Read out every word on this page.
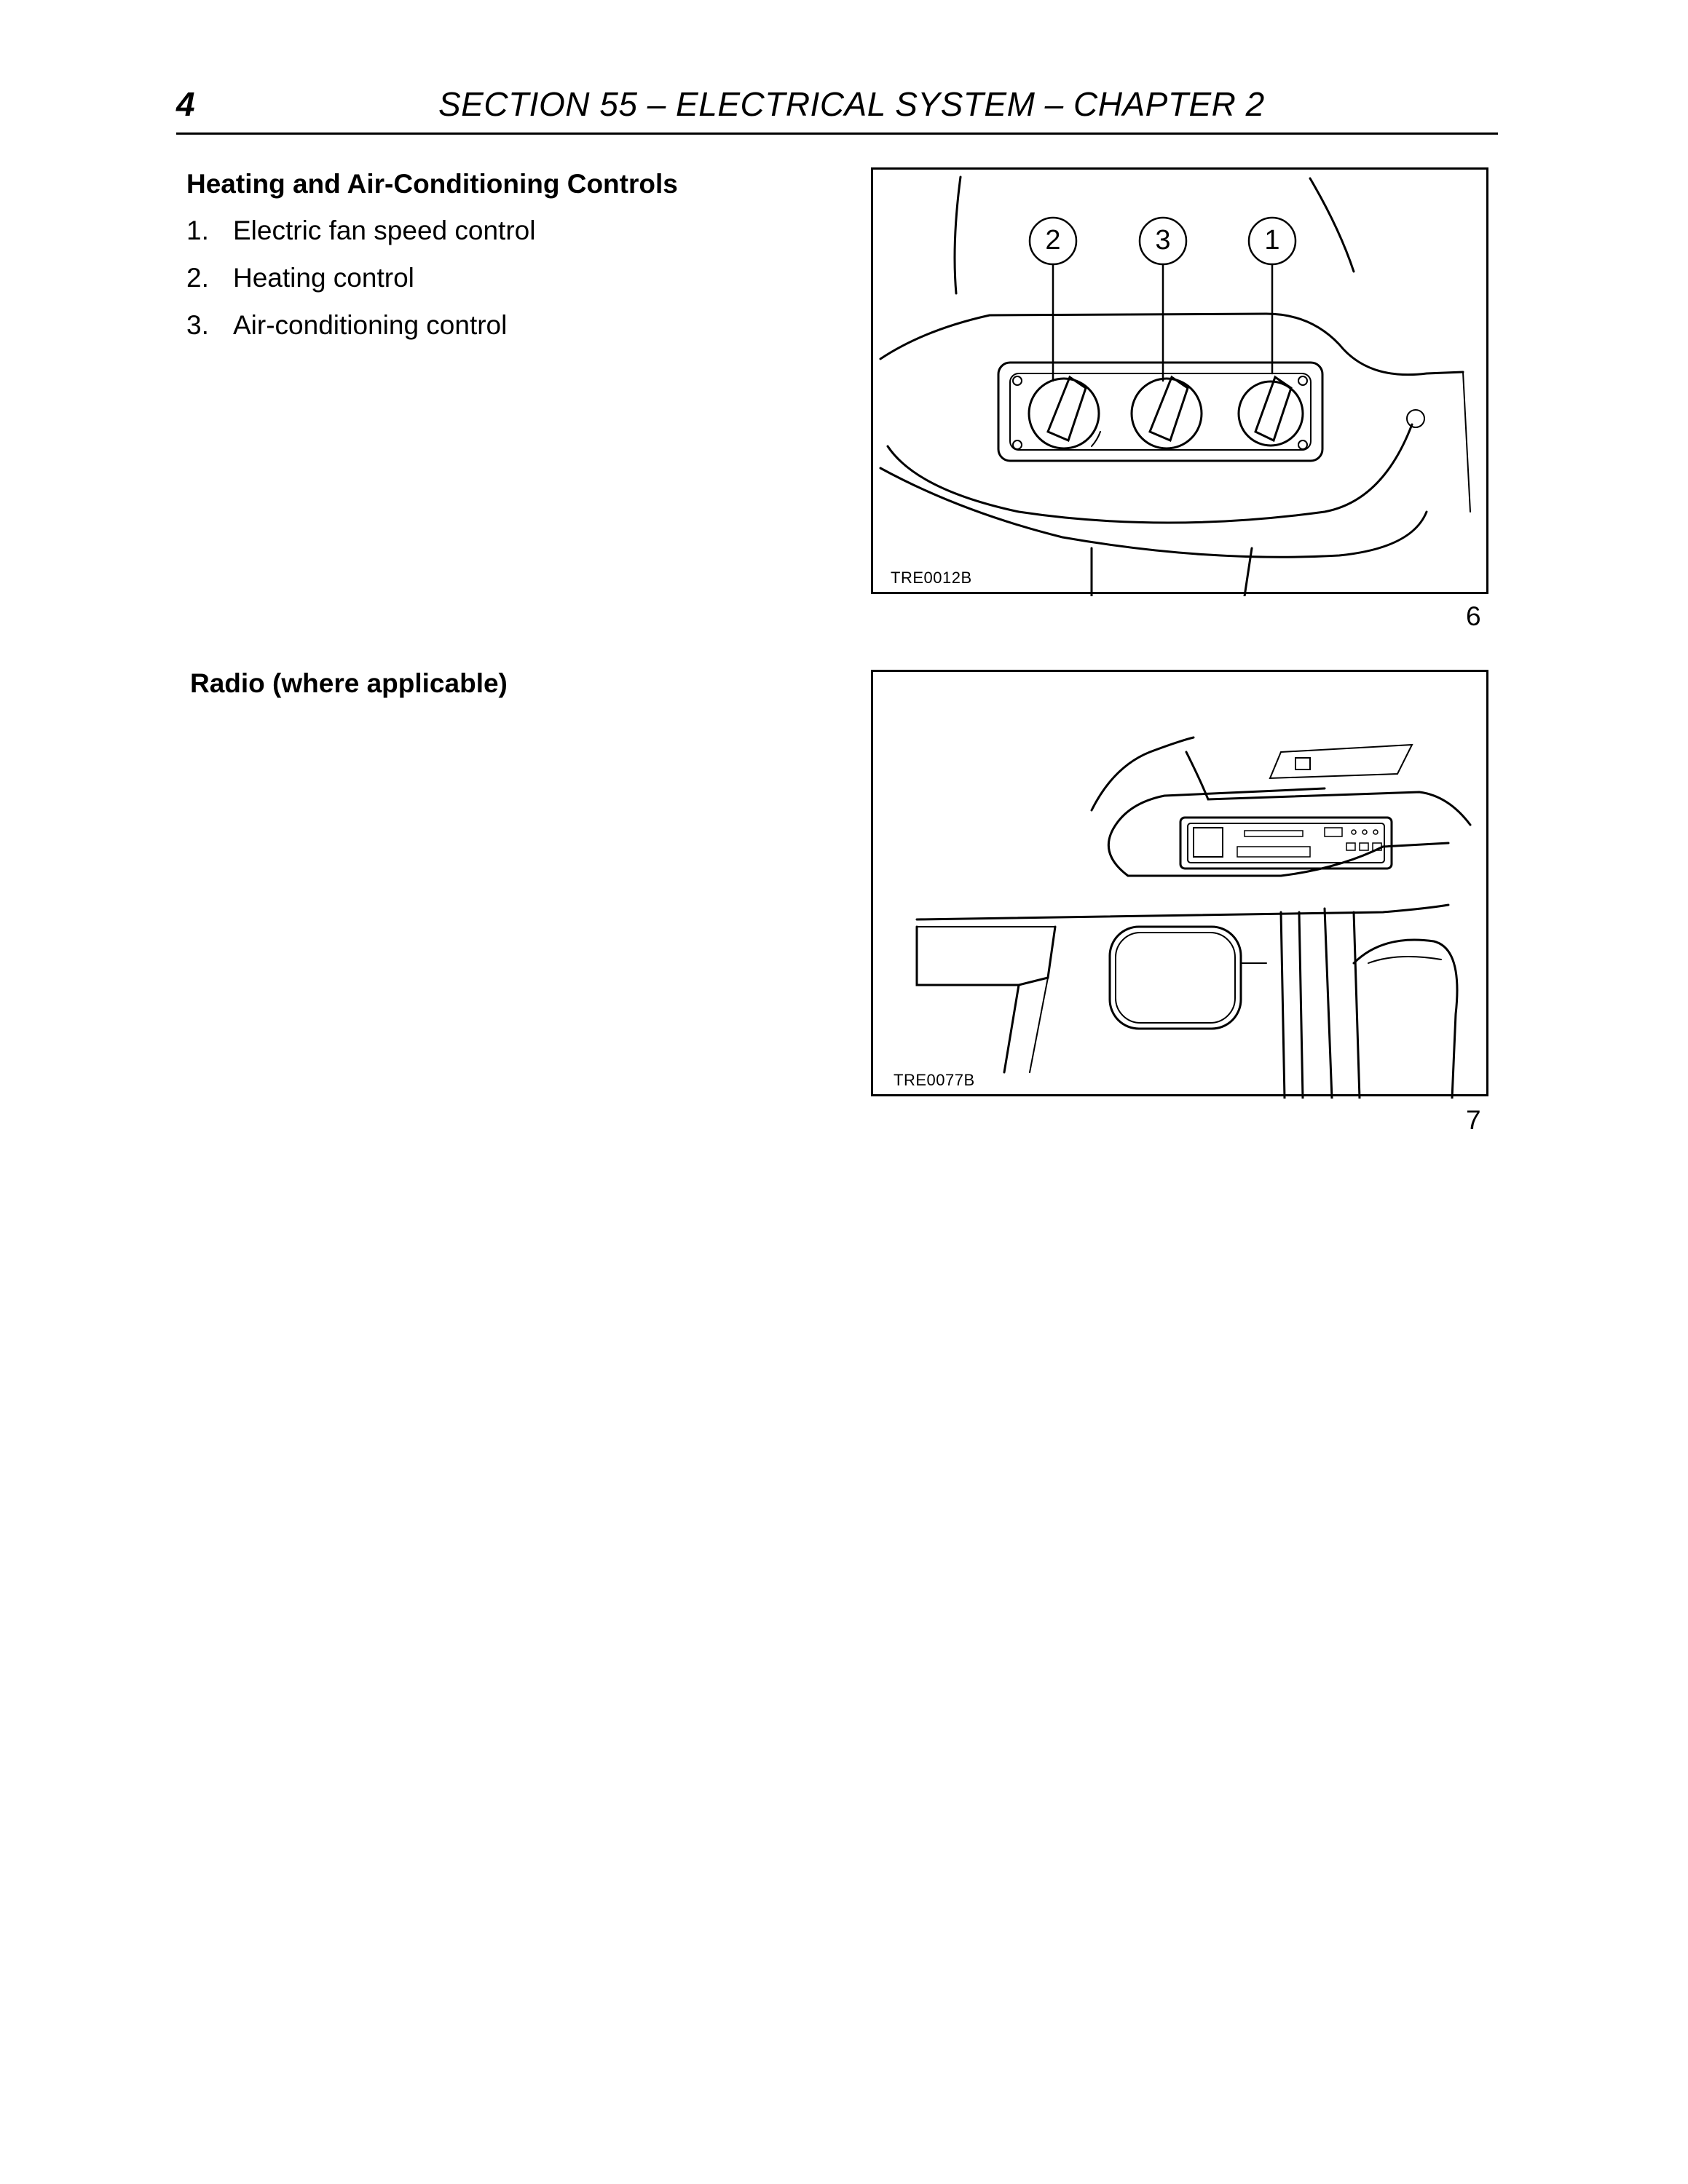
4	SECTION 55 – ELECTRICAL SYSTEM – CHAPTER 2
Heating and Air-Conditioning Controls
1. Electric fan speed control
2. Heating control
3. Air-conditioning control
2	3	1
TRE0012B
6
Radio (where applicable)
TRE0077B
7
